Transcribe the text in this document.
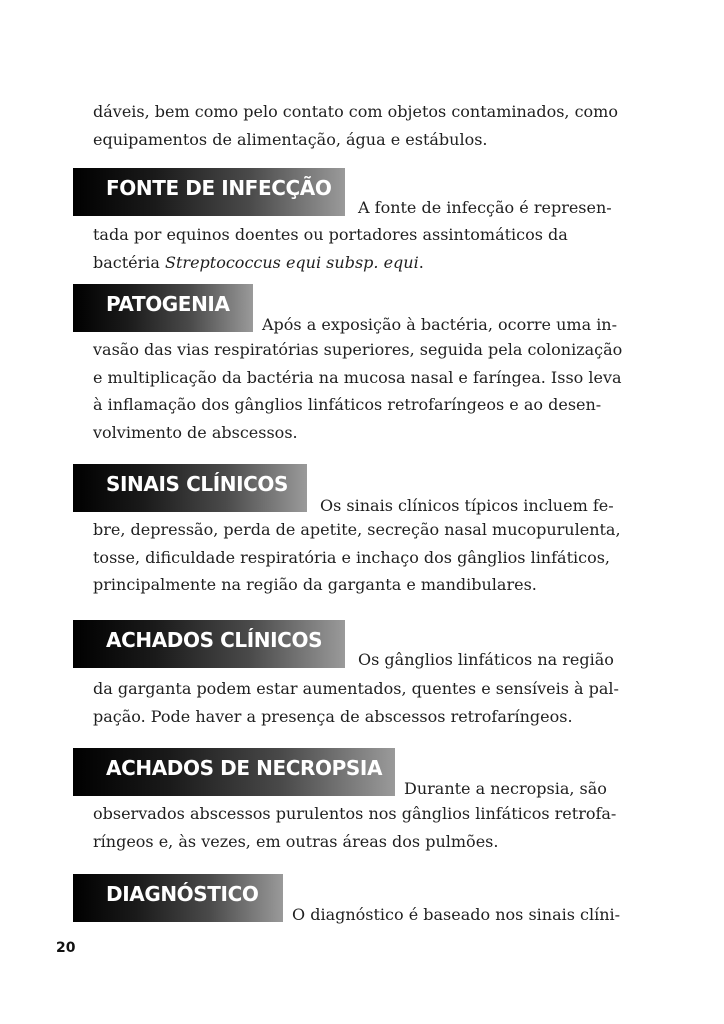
dáveis, bem como pelo contato com objetos contaminados, como
equipamentos de alimentação, água e estábulos.

FONTE DE INFECÇÃO
A fonte de infecção é represen-

tada por equinos doentes ou portadores assintomáticos da
bactéria Streptococcus equi subsp. equi.

PATOGENIA
Após a exposição à bactéria, ocorre uma in-

vasão das vias respiratórias superiores, seguida pela colonização
e multiplicação da bactéria na mucosa nasal e faríngea. Isso leva
à inflamação dos gânglios linfáticos retrofaríngeos e ao desen-
volvimento de abscessos.

SINAIS CLÍNICOS
Os sinais clínicos típicos incluem fe-

bre, depressão, perda de apetite, secreção nasal mucopurulenta,
tosse, dificuldade respiratória e inchaço dos gânglios linfáticos,
principalmente na região da garganta e mandibulares.

ACHADOS CLÍNICOS
Os gânglios linfáticos na região

da garganta podem estar aumentados, quentes e sensíveis à pal-
pação. Pode haver a presença de abscessos retrofaríngeos.

ACHADOS DE NECROPSIA
Durante a necropsia, são

observados abscessos purulentos nos gânglios linfáticos retrofa-
ríngeos e, às vezes, em outras áreas dos pulmões.

DIAGNÓSTICO
O diagnóstico é baseado nos sinais clíni-
20
